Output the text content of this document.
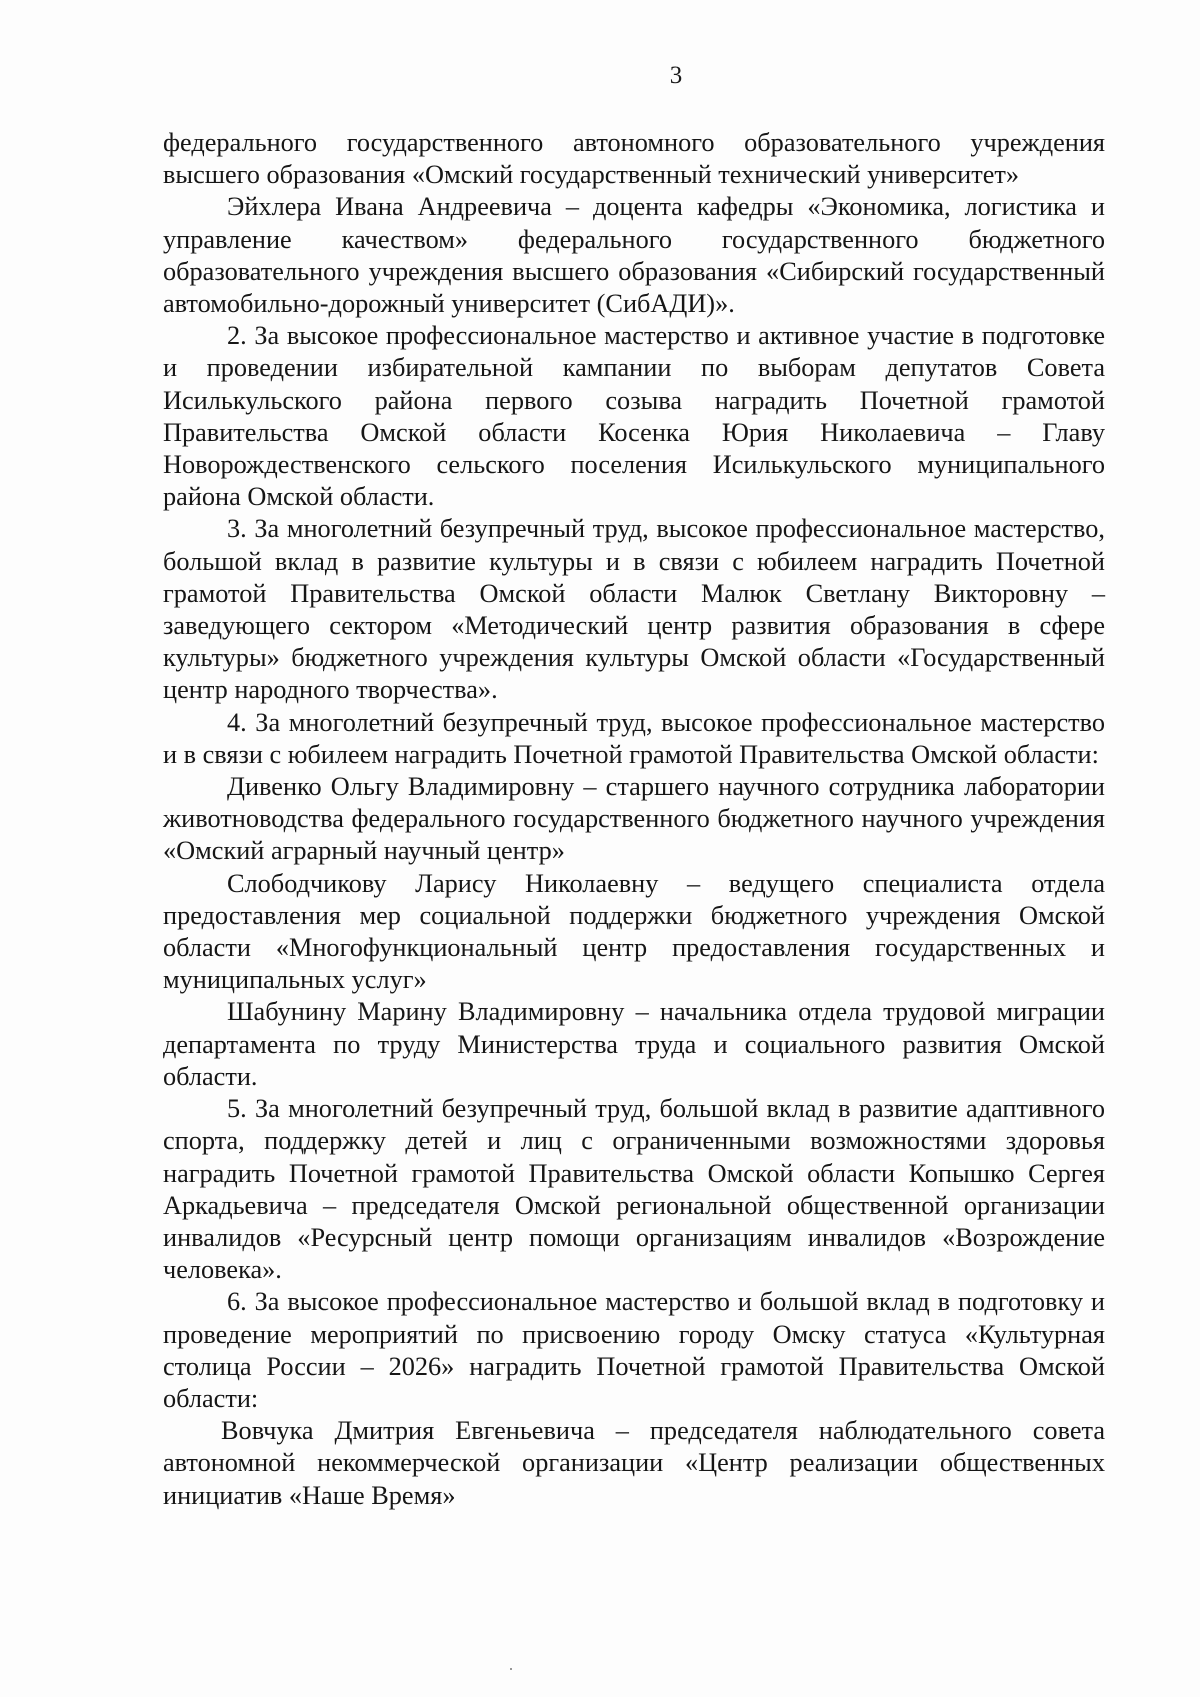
3

федерального государственного автономного образовательного учреждения высшего образования «Омский государственный технический университет»

Эйхлера Ивана Андреевича – доцента кафедры «Экономика, логистика и управление качеством» федерального государственного бюджетного образовательного учреждения высшего образования «Сибирский государственный автомобильно-дорожный университет (СибАДИ)».

2. За высокое профессиональное мастерство и активное участие в подготовке и проведении избирательной кампании по выборам депутатов Совета Исилькульского района первого созыва наградить Почетной грамотой Правительства Омской области Косенка Юрия Николаевича – Главу Новорождественского сельского поселения Исилькульского муниципального района Омской области.

3. За многолетний безупречный труд, высокое профессиональное мастерство, большой вклад в развитие культуры и в связи с юбилеем наградить Почетной грамотой Правительства Омской области Малюк Светлану Викторовну – заведующего сектором «Методический центр развития образования в сфере культуры» бюджетного учреждения культуры Омской области «Государственный центр народного творчества».

4. За многолетний безупречный труд, высокое профессиональное мастерство и в связи с юбилеем наградить Почетной грамотой Правительства Омской области:

Дивенко Ольгу Владимировну – старшего научного сотрудника лаборатории животноводства федерального государственного бюджетного научного учреждения «Омский аграрный научный центр»

Слободчикову Ларису Николаевну – ведущего специалиста отдела предоставления мер социальной поддержки бюджетного учреждения Омской области «Многофункциональный центр предоставления государственных и муниципальных услуг»

Шабунину Марину Владимировну – начальника отдела трудовой миграции департамента по труду Министерства труда и социального развития Омской области.

5. За многолетний безупречный труд, большой вклад в развитие адаптивного спорта, поддержку детей и лиц с ограниченными возможностями здоровья наградить Почетной грамотой Правительства Омской области Копышко Сергея Аркадьевича – председателя Омской региональной общественной организации инвалидов «Ресурсный центр помощи организациям инвалидов «Возрождение человека».

6. За высокое профессиональное мастерство и большой вклад в подготовку и проведение мероприятий по присвоению городу Омску статуса «Культурная столица России – 2026» наградить Почетной грамотой Правительства Омской области:

Вовчука Дмитрия Евгеньевича – председателя наблюдательного совета автономной некоммерческой организации «Центр реализации общественных инициатив «Наше Время»
